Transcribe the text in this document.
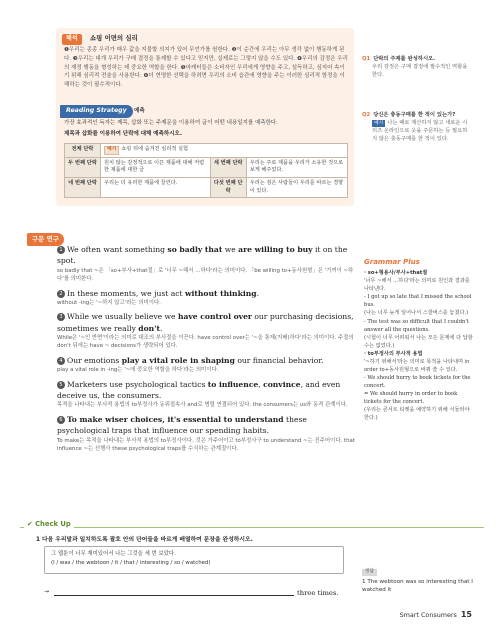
해석	쇼핑 이면의 심리
❶우리는 종종 우리가 매우 값을 지불할 의지가 있어 무언가를 원한다. ❷이 순간에 우리는 아무 생각 없이 행동하게 된다. ❸우리는 대개 우리가 구매 결정을 통제할 수 있다고 믿지만, 실제로는 그렇지 않을 수도 있다. ❹우리의 감정은 우리의 재정 행동을 형성하는 데 중요한 역할을 한다. ❺마케터들은 소비자인 우리에게 영향을 주고, 설득하고, 심지어 속이기 위해 심리적 전술을 사용한다. ❻더 현명한 선택을 하려면 우리의 소비 습관에 영향을 주는 이러한 심리적 함정을 이해하는 것이 필수적이다.
Reading Strategy	예측
가장 효과적인 독자는 제목, 삽화 또는 주제문을 이용하여 글이 어떤 내용일지를 예측한다.
제목과 삽화를 이용하여 단락에 대해 예측하시오.
전체 단락	예시 쇼핑 뒤에 숨겨진 심리적 실험		
두 번째 단락	원치 않는 감정적으로 이끈 제품에 대해 저렴한 제품에 대한 글	세 번째 단락	우리는 주로 제품을 우리가 소유한 것으로 보게 해주었다.
네 번째 단락	우리는 더 유리한 제품에 끌린다.	다섯 번째 단락	우리는 검은 사람들이 우리를 따르는 경향이 있다.
Q1 단락의 주제를 완성하시오.
우리 감정은 구매 결정에 필수적인 역할을 한다.
Q2 당신은 충동구매를 한 적이 있는가?
예시 나는 때로 계산하지 않고 새로운 시리즈 온라인으로 옷을 주문하는 등 필요하지 않은 충동구매를 한 적이 있다.
구문 연구
1 We often want something so badly that we are willing to buy it on the spot.
so badly that ~은 「so+부사+that절」로 '너무 ~해서 …하다'라는 의미이다. 「be willing to+동사원형」은 '기꺼이 ~하다'를 의미한다.
2 In these moments, we just act without thinking.
without -ing는 '~하지 않고'라는 의미이다.
3 While we usually believe we have control over our purchasing decisions, sometimes we really don't.
While은 '~인 반면'이라는 의미로 대조의 부사절을 이끈다. have control over는 '~을 통제(지배)하다'라는 의미이다. 주절의 don't 뒤에는 have ~ decisions가 생략되어 있다.
4 Our emotions play a vital role in shaping our financial behavior.
play a vital role in -ing는 '~에 중요한 역할을 하다'라는 의미이다.
5 Marketers use psychological tactics to influence, convince, and even deceive us, the consumers.
목적을 나타내는 부사적 용법의 to부정사가 동위접속사 and로 병렬 연결되어 있다. the consumers는 us와 동격 관계이다.
6 To make wiser choices, it's essential to understand these psychological traps that influence our spending habits.
To make는 목적을 나타내는 부사적 용법의 to부정사이다. 것은 가주어이고 to부정사구 to understand ~는 진주어이다. that influence ~는 선행사 these psychological traps를 수식하는 관계절이다.
Grammar Plus
· so+형용사/부사+that절
'너무 ~해서 …하다'라는 의미로 원인과 결과를 나타낸다.
- I got up so late that I missed the school bus.
(나는 너무 늦게 일어나서 스쿨버스를 놓쳤다.)
- The test was so difficult that I couldn't answer all the questions.
(시험이 너무 어려워서 나는 모든 문제에 다 답할 수는 없었다.)
· to부정사의 부사적 용법
'~하기 위해서'라는 의미로 목적을 나타내며 in order to+동사원형으로 바꿔 쓸 수 있다.
- We should hurry to book tickets for the concert.
= We should hurry in order to book tickets for the concert.
(우리는 콘서트 티켓을 예약하기 위해 서둘러야 한다.)
✔ Check Up
1 다음 우리말과 일치하도록 괄호 안의 단어들을 바르게 배열하여 문장을 완성하시오.
그 웹툰이 너무 재미있어서 나는 그것을 세 번 보았다.
(I / was / the webtoon / it / that / interesting / so / watched)
→	three times.
정답
1 The webtoon was so interesting that I watched it
Smart Consumers 15
